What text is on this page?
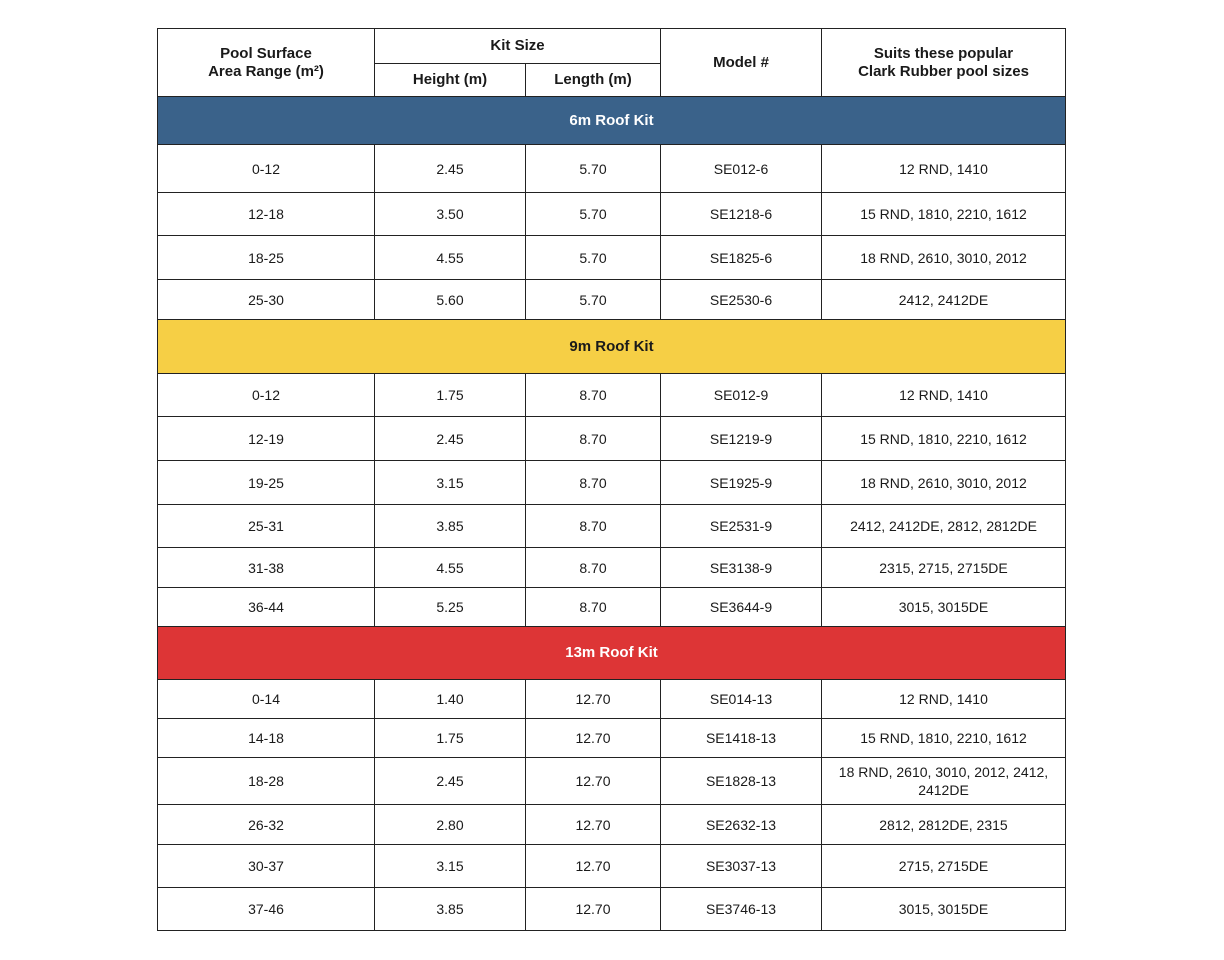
Pool Surface
Area Range (m²)	Kit Size		Model #	Suits these popular
Clark Rubber pool sizes
	Height (m)	Length (m)		
6m Roof Kit				
0-12	2.45	5.70	SE012-6	12 RND, 1410
12-18	3.50	5.70	SE1218-6	15 RND, 1810, 2210, 1612
18-25	4.55	5.70	SE1825-6	18 RND, 2610, 3010, 2012
25-30	5.60	5.70	SE2530-6	2412, 2412DE
9m Roof Kit				
0-12	1.75	8.70	SE012-9	12 RND, 1410
12-19	2.45	8.70	SE1219-9	15 RND, 1810, 2210, 1612
19-25	3.15	8.70	SE1925-9	18 RND, 2610, 3010, 2012
25-31	3.85	8.70	SE2531-9	2412, 2412DE, 2812, 2812DE
31-38	4.55	8.70	SE3138-9	2315, 2715, 2715DE
36-44	5.25	8.70	SE3644-9	3015, 3015DE
13m Roof Kit				
0-14	1.40	12.70	SE014-13	12 RND, 1410
14-18	1.75	12.70	SE1418-13	15 RND, 1810, 2210, 1612
18-28	2.45	12.70	SE1828-13	18 RND, 2610, 3010, 2012, 2412, 2412DE
26-32	2.80	12.70	SE2632-13	2812, 2812DE, 2315
30-37	3.15	12.70	SE3037-13	2715, 2715DE
37-46	3.85	12.70	SE3746-13	3015, 3015DE
